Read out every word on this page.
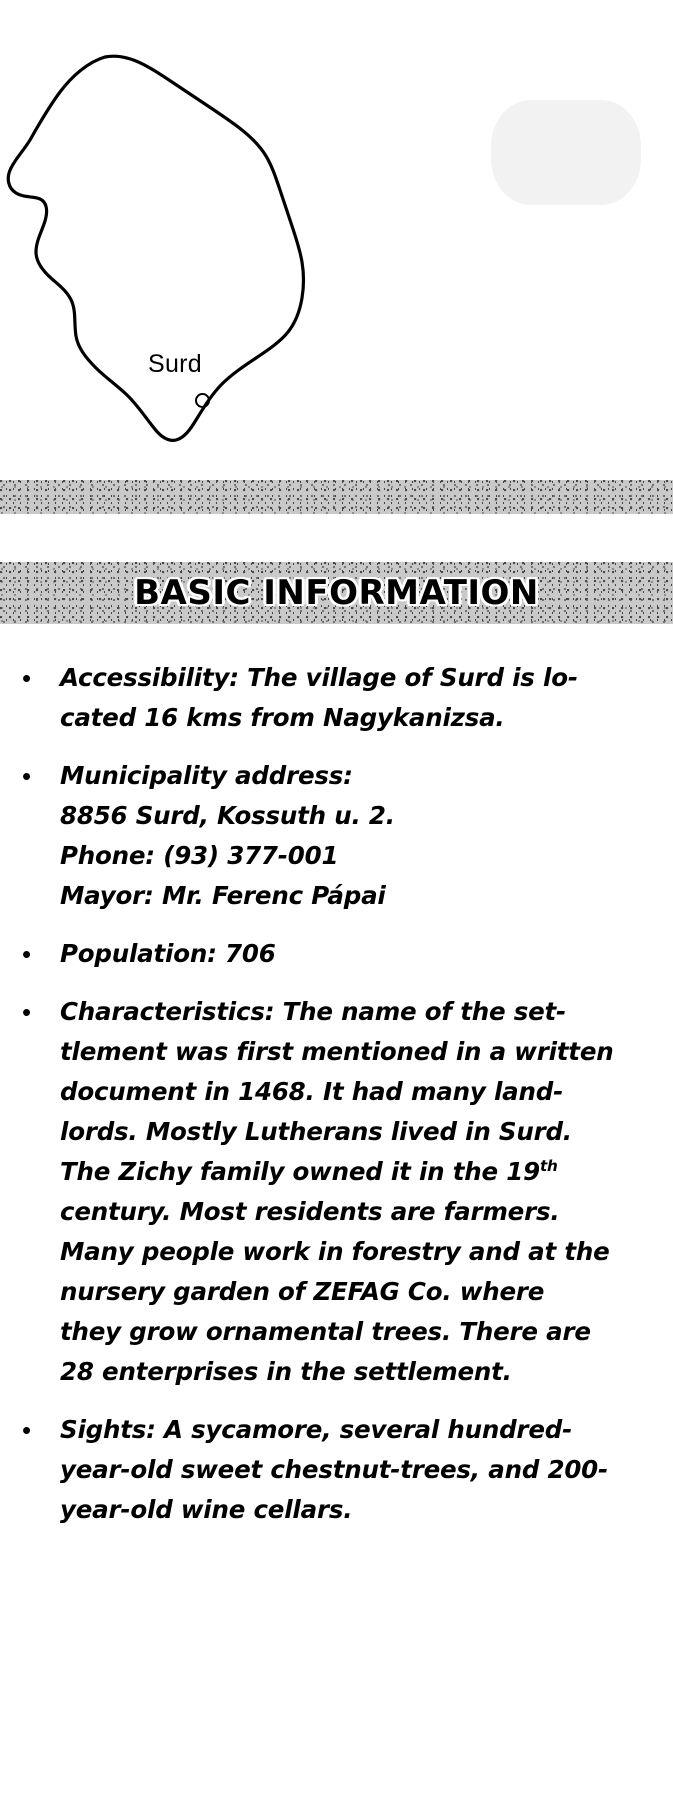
Surd
BASIC INFORMATION
•	Accessibility: The village of Surd is lo-
cated 16 kms from Nagykanizsa.
•	Municipality address:
8856 Surd, Kossuth u. 2.
Phone: (93) 377-001
Mayor: Mr. Ferenc Pápai
•	Population: 706
•	Characteristics: The name of the set-
tlement was first mentioned in a written
document in 1468. It had many land-
lords. Mostly Lutherans lived in Surd.
The Zichy family owned it in the 19th
century. Most residents are farmers.
Many people work in forestry and at the
nursery garden of ZEFAG Co. where
they grow ornamental trees. There are
28 enterprises in the settlement.
•	Sights: A sycamore, several hundred-
year-old sweet chestnut-trees, and 200-
year-old wine cellars.
